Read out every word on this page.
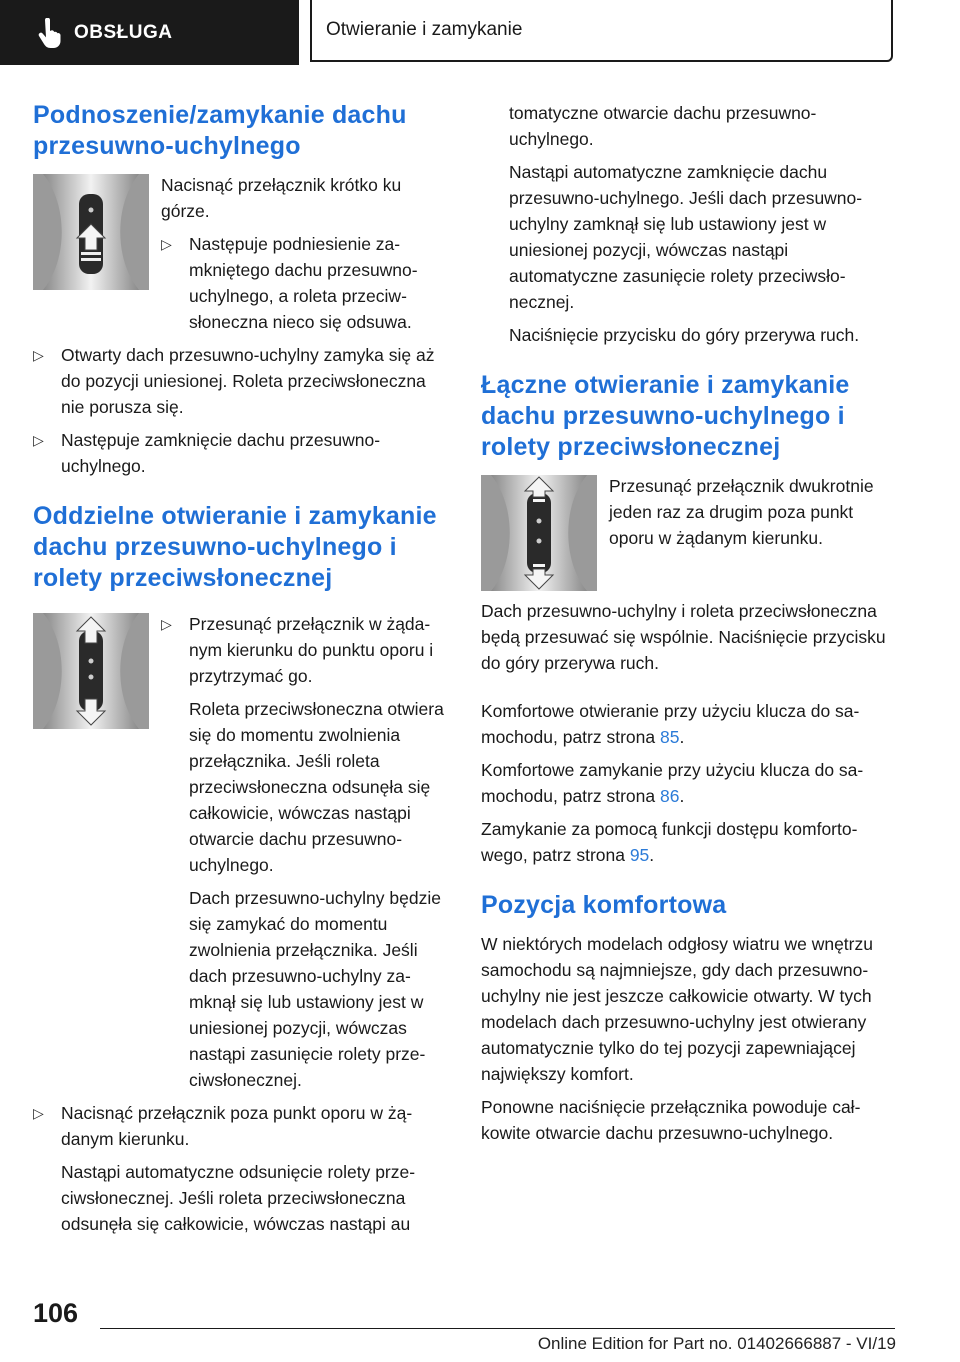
OBSŁUGA	Otwieranie i zamykanie
Podnoszenie/zamykanie dachu przesuwno-uchylnego

Nacisnąć przełącznik krótko ku górze.

▷ Następuje podniesienie zamkniętego dachu przesuwno-uchylnego, a roleta przeciwsłoneczna nieco się odsuwa.

▷ Otwarty dach przesuwno-uchylny zamyka się aż do pozycji uniesionej. Roleta przeciwsłoneczna nie porusza się.

▷ Następuje zamknięcie dachu przesuwno-uchylnego.

Oddzielne otwieranie i zamykanie dachu przesuwno-uchylnego i rolety przeciwsłonecznej
▷ Przesunąć przełącznik w żądanym kierunku do punktu oporu i przytrzymać go.

Roleta przeciwsłoneczna otwiera się do momentu zwolnienia przełącznika. Jeśli roleta przeciwsłoneczna odsunęła się całkowicie, wówczas nastąpi otwarcie dachu przesuwno-uchylnego.

Dach przesuwno-uchylny będzie się zamykać do momentu zwolnienia przełącznika. Jeśli dach przesuwno-uchylny zamknął się lub ustawiony jest w uniesionej pozycji, wówczas nastąpi zasunięcie rolety przeciwsłonecznej.

▷ Nacisnąć przełącznik poza punkt oporu w żądanym kierunku.

Nastąpi automatyczne odsunięcie rolety przeciwsłonecznej. Jeśli roleta przeciwsłoneczna odsunęła się całkowicie, wówczas nastąpi au

tomatyczne otwarcie dachu przesuwno-uchylnego.

Nastąpi automatyczne zamknięcie dachu przesuwno-uchylnego. Jeśli dach przesuwno-uchylny zamknął się lub ustawiony jest w uniesionej pozycji, wówczas nastąpi automatyczne zasunięcie rolety przeciwsłonecznej.

Naciśnięcie przycisku do góry przerywa ruch.

Łączne otwieranie i zamykanie dachu przesuwno-uchylnego i rolety przeciwsłonecznej

Przesunąć przełącznik dwukrotnie jeden raz za drugim poza punkt oporu w żądanym kierunku.

Dach przesuwno-uchylny i roleta przeciwsłoneczna będą przesuwać się wspólnie. Naciśnięcie przycisku do góry przerywa ruch.

Komfortowe otwieranie przy użyciu klucza do samochodu, patrz strona 85.

Komfortowe zamykanie przy użyciu klucza do samochodu, patrz strona 86.

Zamykanie za pomocą funkcji dostępu komfortowego, patrz strona 95.

Pozycja komfortowa

W niektórych modelach odgłosy wiatru we wnętrzu samochodu są najmniejsze, gdy dach przesuwno-uchylny nie jest jeszcze całkowicie otwarty. W tych modelach dach przesuwno-uchylny jest otwierany automatycznie tylko do tej pozycji zapewniającej największy komfort.

Ponowne naciśnięcie przełącznika powoduje całkowite otwarcie dachu przesuwno-uchylnego.

106
Online Edition for Part no. 01402666887 - VI/19
